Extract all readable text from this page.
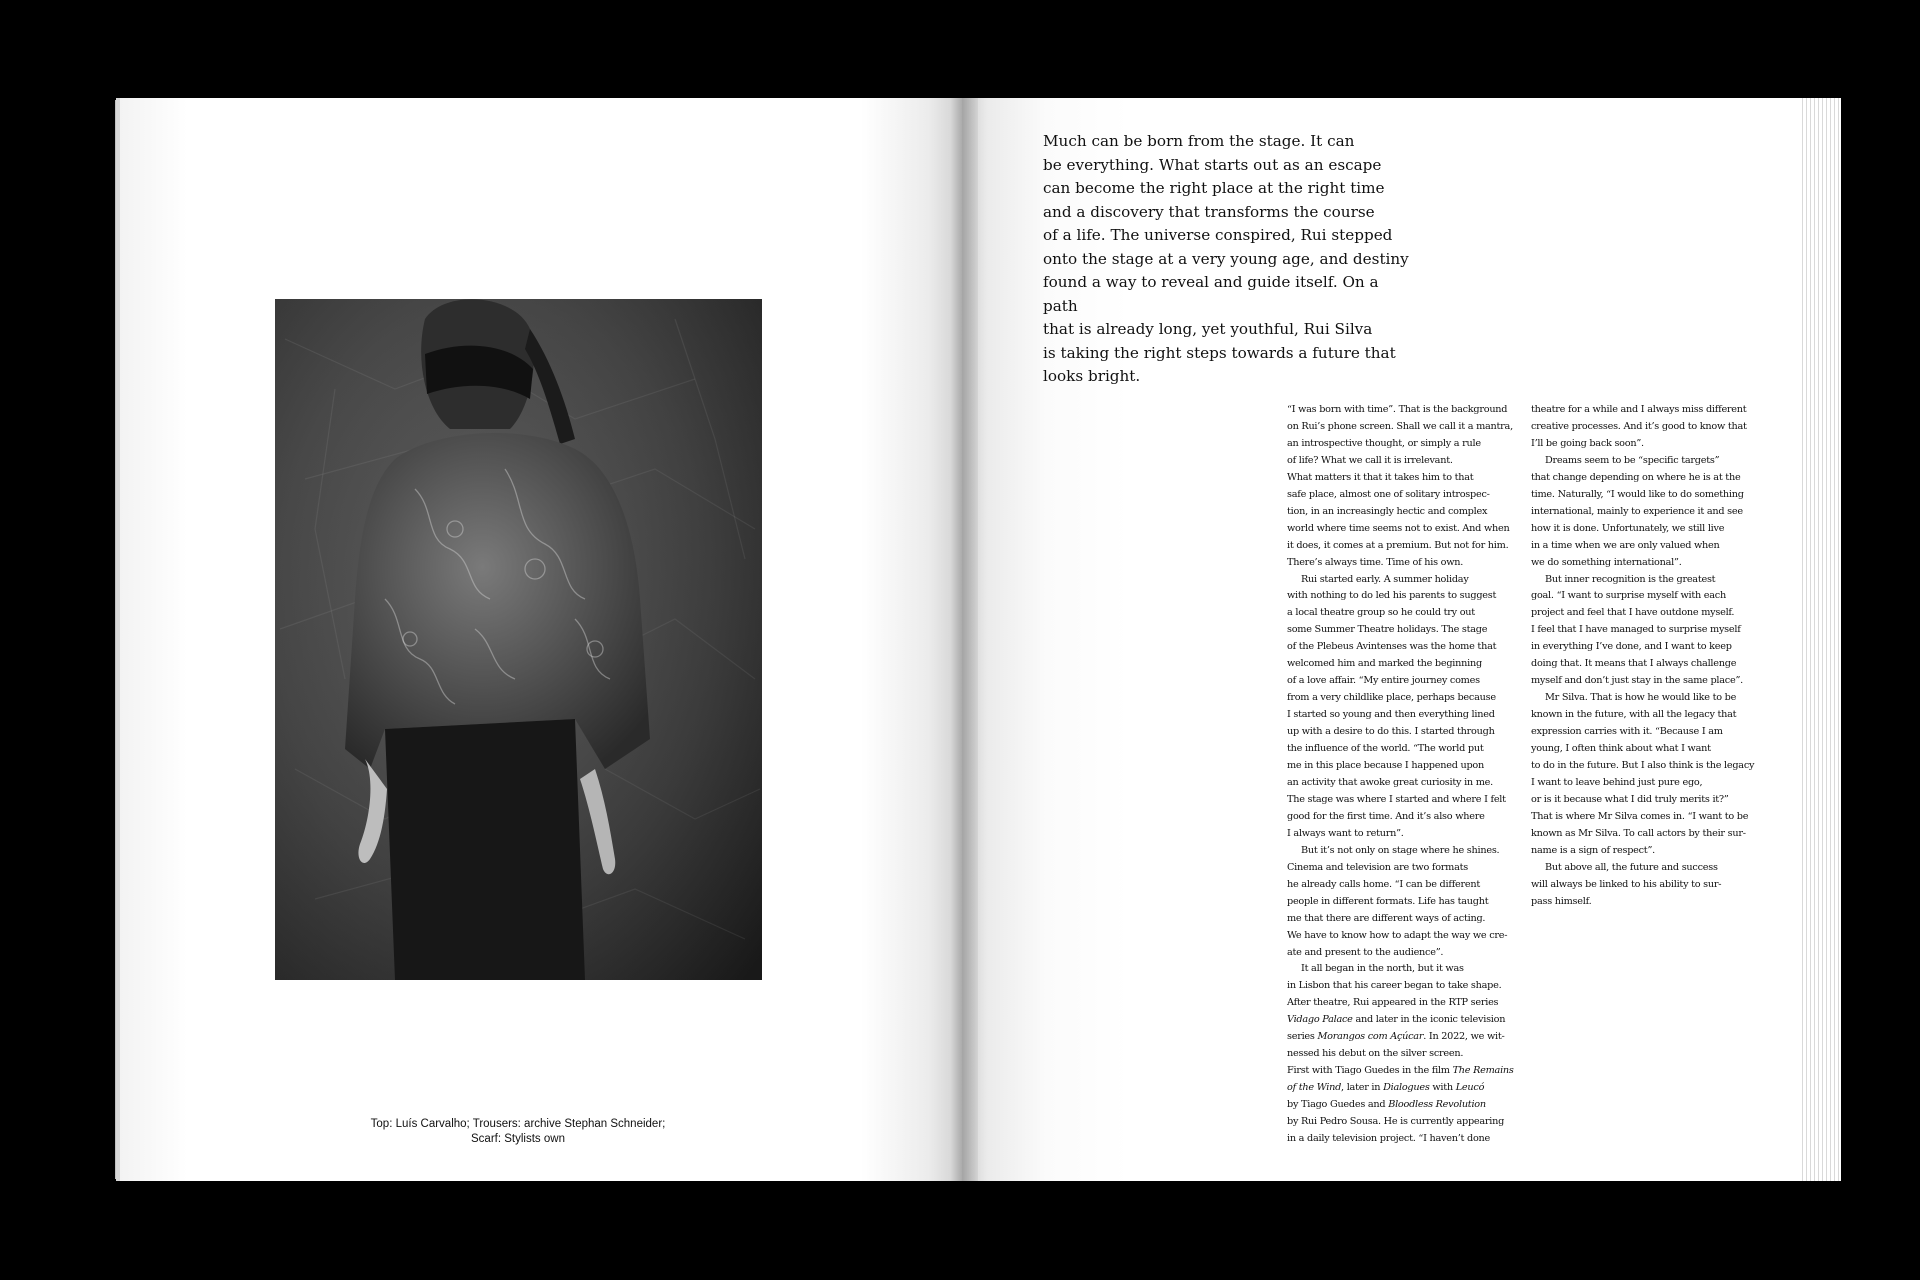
Top: Luís Carvalho; Trousers: archive Stephan Schneider;
Scarf: Stylists own
Much can be born from the stage. It can
be everything. What starts out as an escape
can become the right place at the right time
and a discovery that transforms the course
of a life. The universe conspired, Rui stepped
onto the stage at a very young age, and destiny
found a way to reveal and guide itself. On a path
that is already long, yet youthful, Rui Silva
is taking the right steps towards a future that
looks bright.

“I was born with time”. That is the background
on Rui’s phone screen. Shall we call it a mantra,
an introspective thought, or simply a rule
of life? What we call it is irrelevant.
What matters it that it takes him to that
safe place, almost one of solitary introspec-
tion, in an increasingly hectic and complex
world where time seems not to exist. And when
it does, it comes at a premium. But not for him.
There’s always time. Time of his own.

Rui started early. A summer holiday
with nothing to do led his parents to suggest
a local theatre group so he could try out
some Summer Theatre holidays. The stage
of the Plebeus Avintenses was the home that
welcomed him and marked the beginning
of a love affair. “My entire journey comes
from a very childlike place, perhaps because
I started so young and then everything lined
up with a desire to do this. I started through
the influence of the world. “The world put
me in this place because I happened upon
an activity that awoke great curiosity in me.
The stage was where I started and where I felt
good for the first time. And it’s also where
I always want to return”.

But it’s not only on stage where he shines.
Cinema and television are two formats
he already calls home. “I can be different
people in different formats. Life has taught
me that there are different ways of acting.
We have to know how to adapt the way we cre-
ate and present to the audience”.

It all began in the north, but it was
in Lisbon that his career began to take shape.
After theatre, Rui appeared in the RTP series
Vidago Palace and later in the iconic television
series Morangos com Açúcar. In 2022, we wit-
nessed his debut on the silver screen.
First with Tiago Guedes in the film The Remains
of the Wind, later in Dialogues with Leucó
by Tiago Guedes and Bloodless Revolution
by Rui Pedro Sousa. He is currently appearing
in a daily television project. “I haven’t done

theatre for a while and I always miss different
creative processes. And it’s good to know that
I’ll be going back soon”.

Dreams seem to be “specific targets”
that change depending on where he is at the
time. Naturally, “I would like to do something
international, mainly to experience it and see
how it is done. Unfortunately, we still live
in a time when we are only valued when
we do something international”.

But inner recognition is the greatest
goal. “I want to surprise myself with each
project and feel that I have outdone myself.
I feel that I have managed to surprise myself
in everything I’ve done, and I want to keep
doing that. It means that I always challenge
myself and don’t just stay in the same place”.

Mr Silva. That is how he would like to be
known in the future, with all the legacy that
expression carries with it. “Because I am
young, I often think about what I want
to do in the future. But I also think is the legacy
I want to leave behind just pure ego,
or is it because what I did truly merits it?”
That is where Mr Silva comes in. “I want to be
known as Mr Silva. To call actors by their sur-
name is a sign of respect”.

But above all, the future and success
will always be linked to his ability to sur-
pass himself.
